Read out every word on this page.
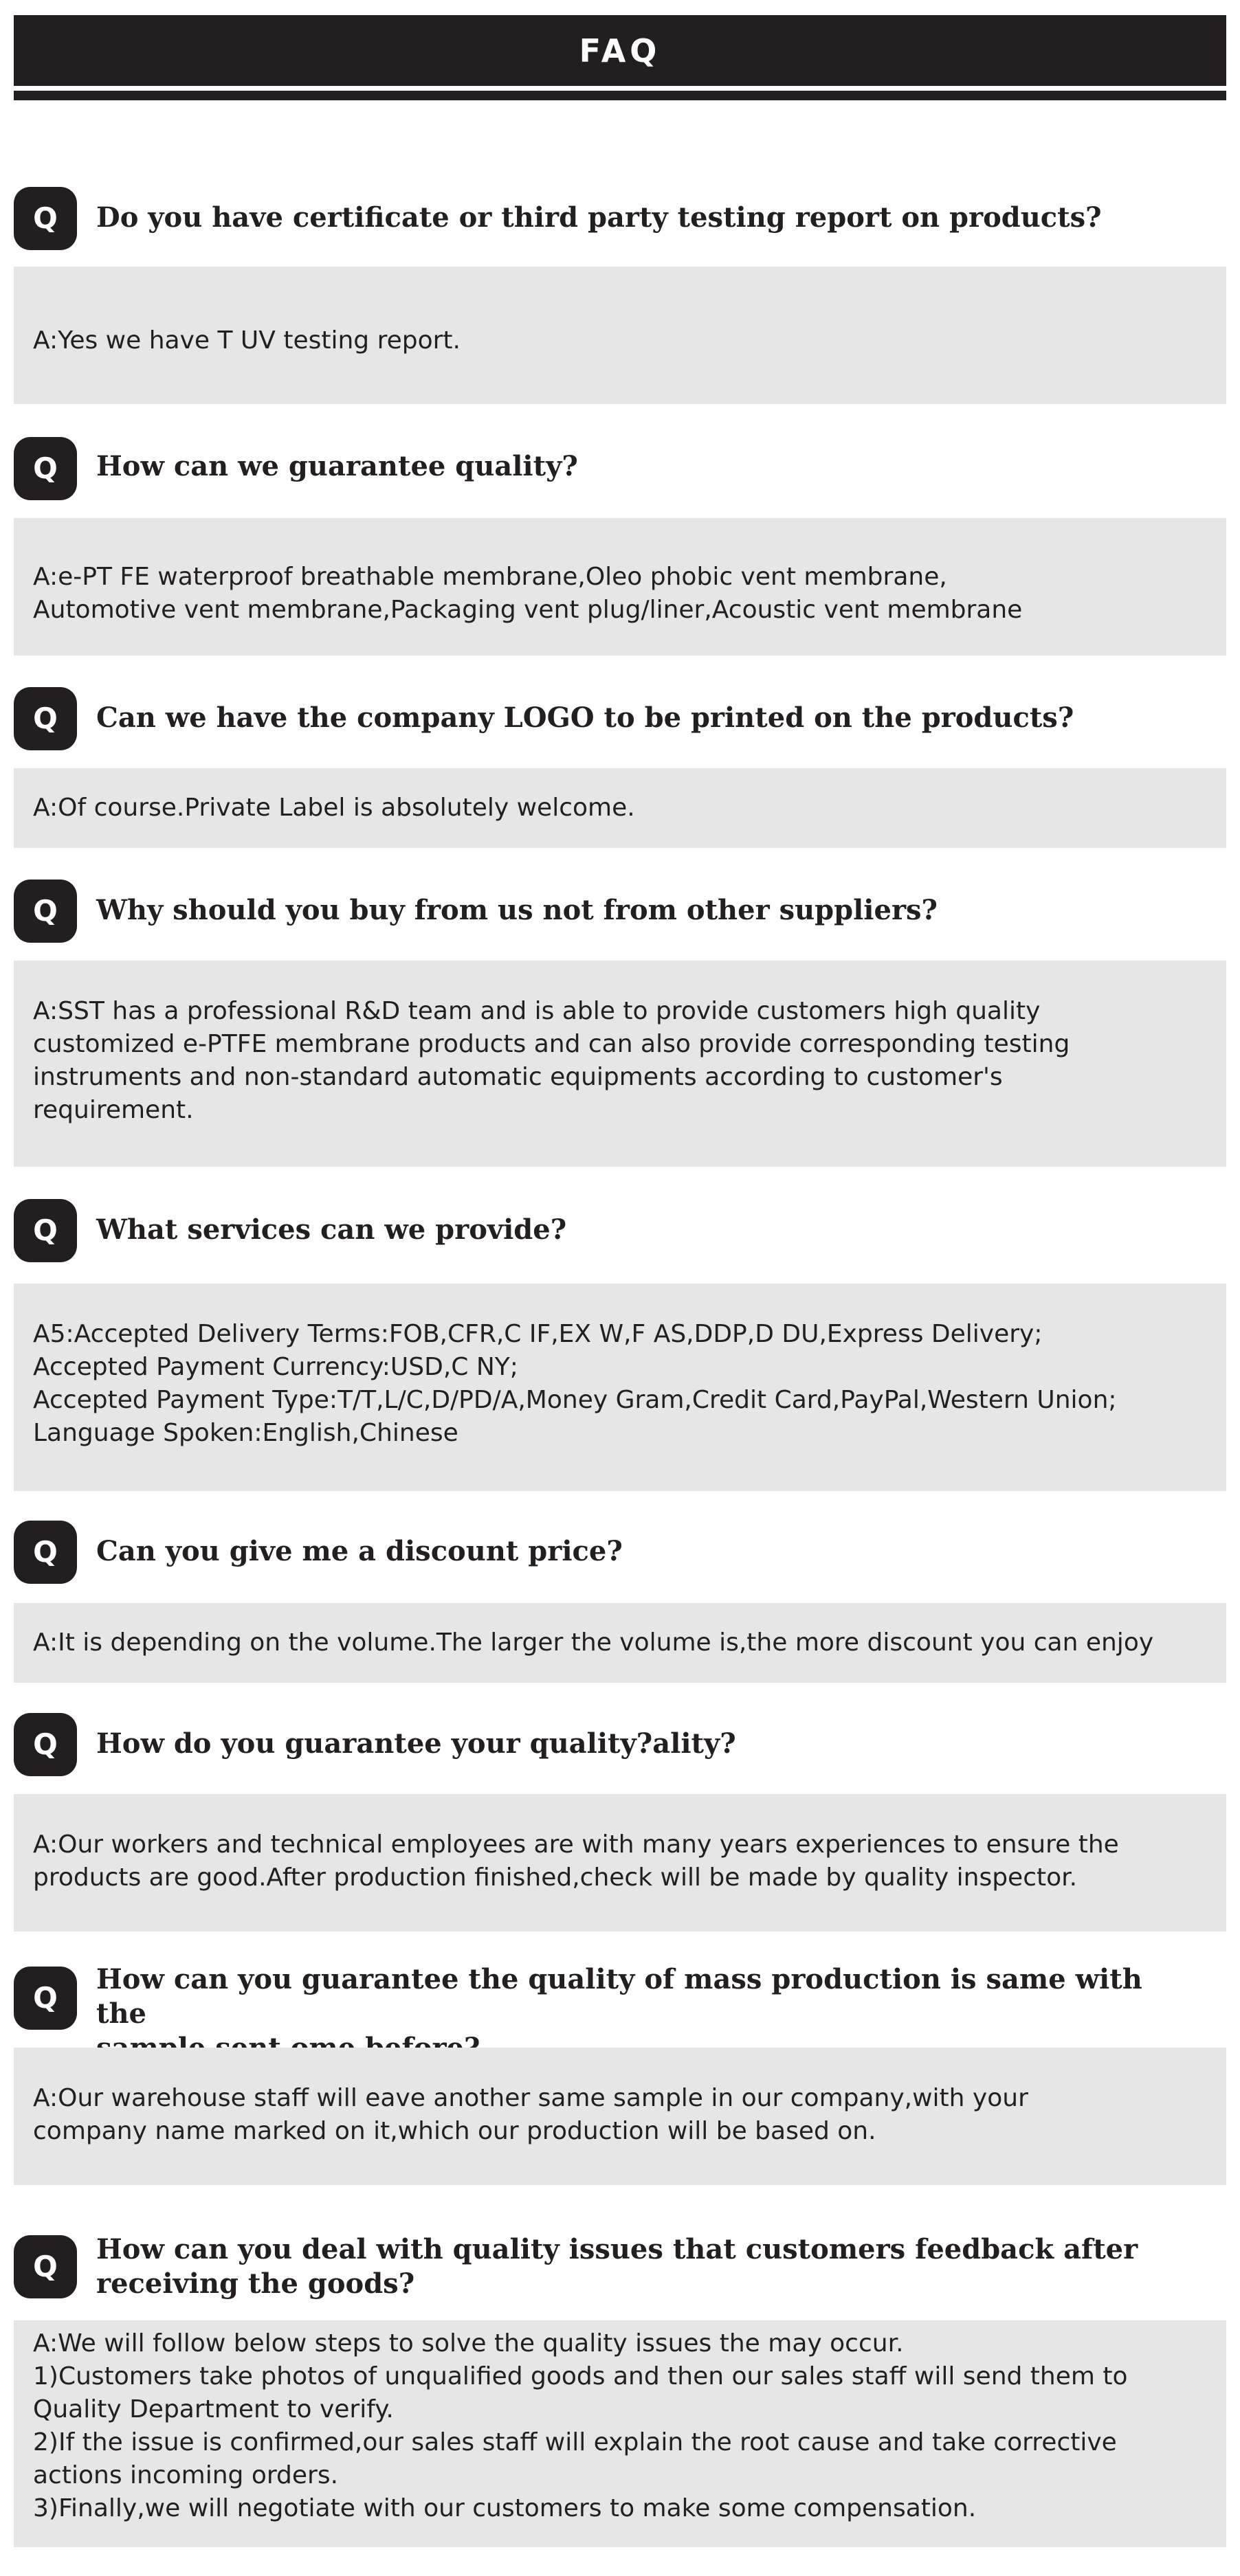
FAQ
Q Do you have certificate or third party testing report on products?

A:Yes we have T UV testing report.

Q How can we guarantee quality?

A:e-PT FE waterproof breathable membrane,Oleo phobic vent membrane,
Automotive vent membrane,Packaging vent plug/liner,Acoustic vent membrane

Q Can we have the company LOGO to be printed on the products?

A:Of course.Private Label is absolutely welcome.

Q Why should you buy from us not from other suppliers?

A:SST has a professional R&D team and is able to provide customers high quality
customized e-PTFE membrane products and can also provide corresponding testing
instruments and non-standard automatic equipments according to customer's
requirement.

Q What services can we provide?

A5:Accepted Delivery Terms:FOB,CFR,C IF,EX W,F AS,DDP,D DU,Express Delivery;
Accepted Payment Currency:USD,C NY;
Accepted Payment Type:T/T,L/C,D/PD/A,Money Gram,Credit Card,PayPal,Western Union;
Language Spoken:English,Chinese

Q Can you give me a discount price?

A:It is depending on the volume.The larger the volume is,the more discount you can enjoy

Q How do you guarantee your quality?ality?

A:Our workers and technical employees are with many years experiences to ensure the
products are good.After production finished,check will be made by quality inspector.

Q
How can you guarantee the quality of mass production is same with the

A:Our warehouse staff will eave another same sample in our company,with your
company name marked on it,which our production will be based on.

Q
How can you deal with quality issues that customers feedback after
receiving the goods?

A:We will follow below steps to solve the quality issues the may occur.
1)Customers take photos of unqualified goods and then our sales staff will send them to
Quality Department to verify.
2)If the issue is confirmed,our sales staff will explain the root cause and take corrective
actions incoming orders.
3)Finally,we will negotiate with our customers to make some compensation.
